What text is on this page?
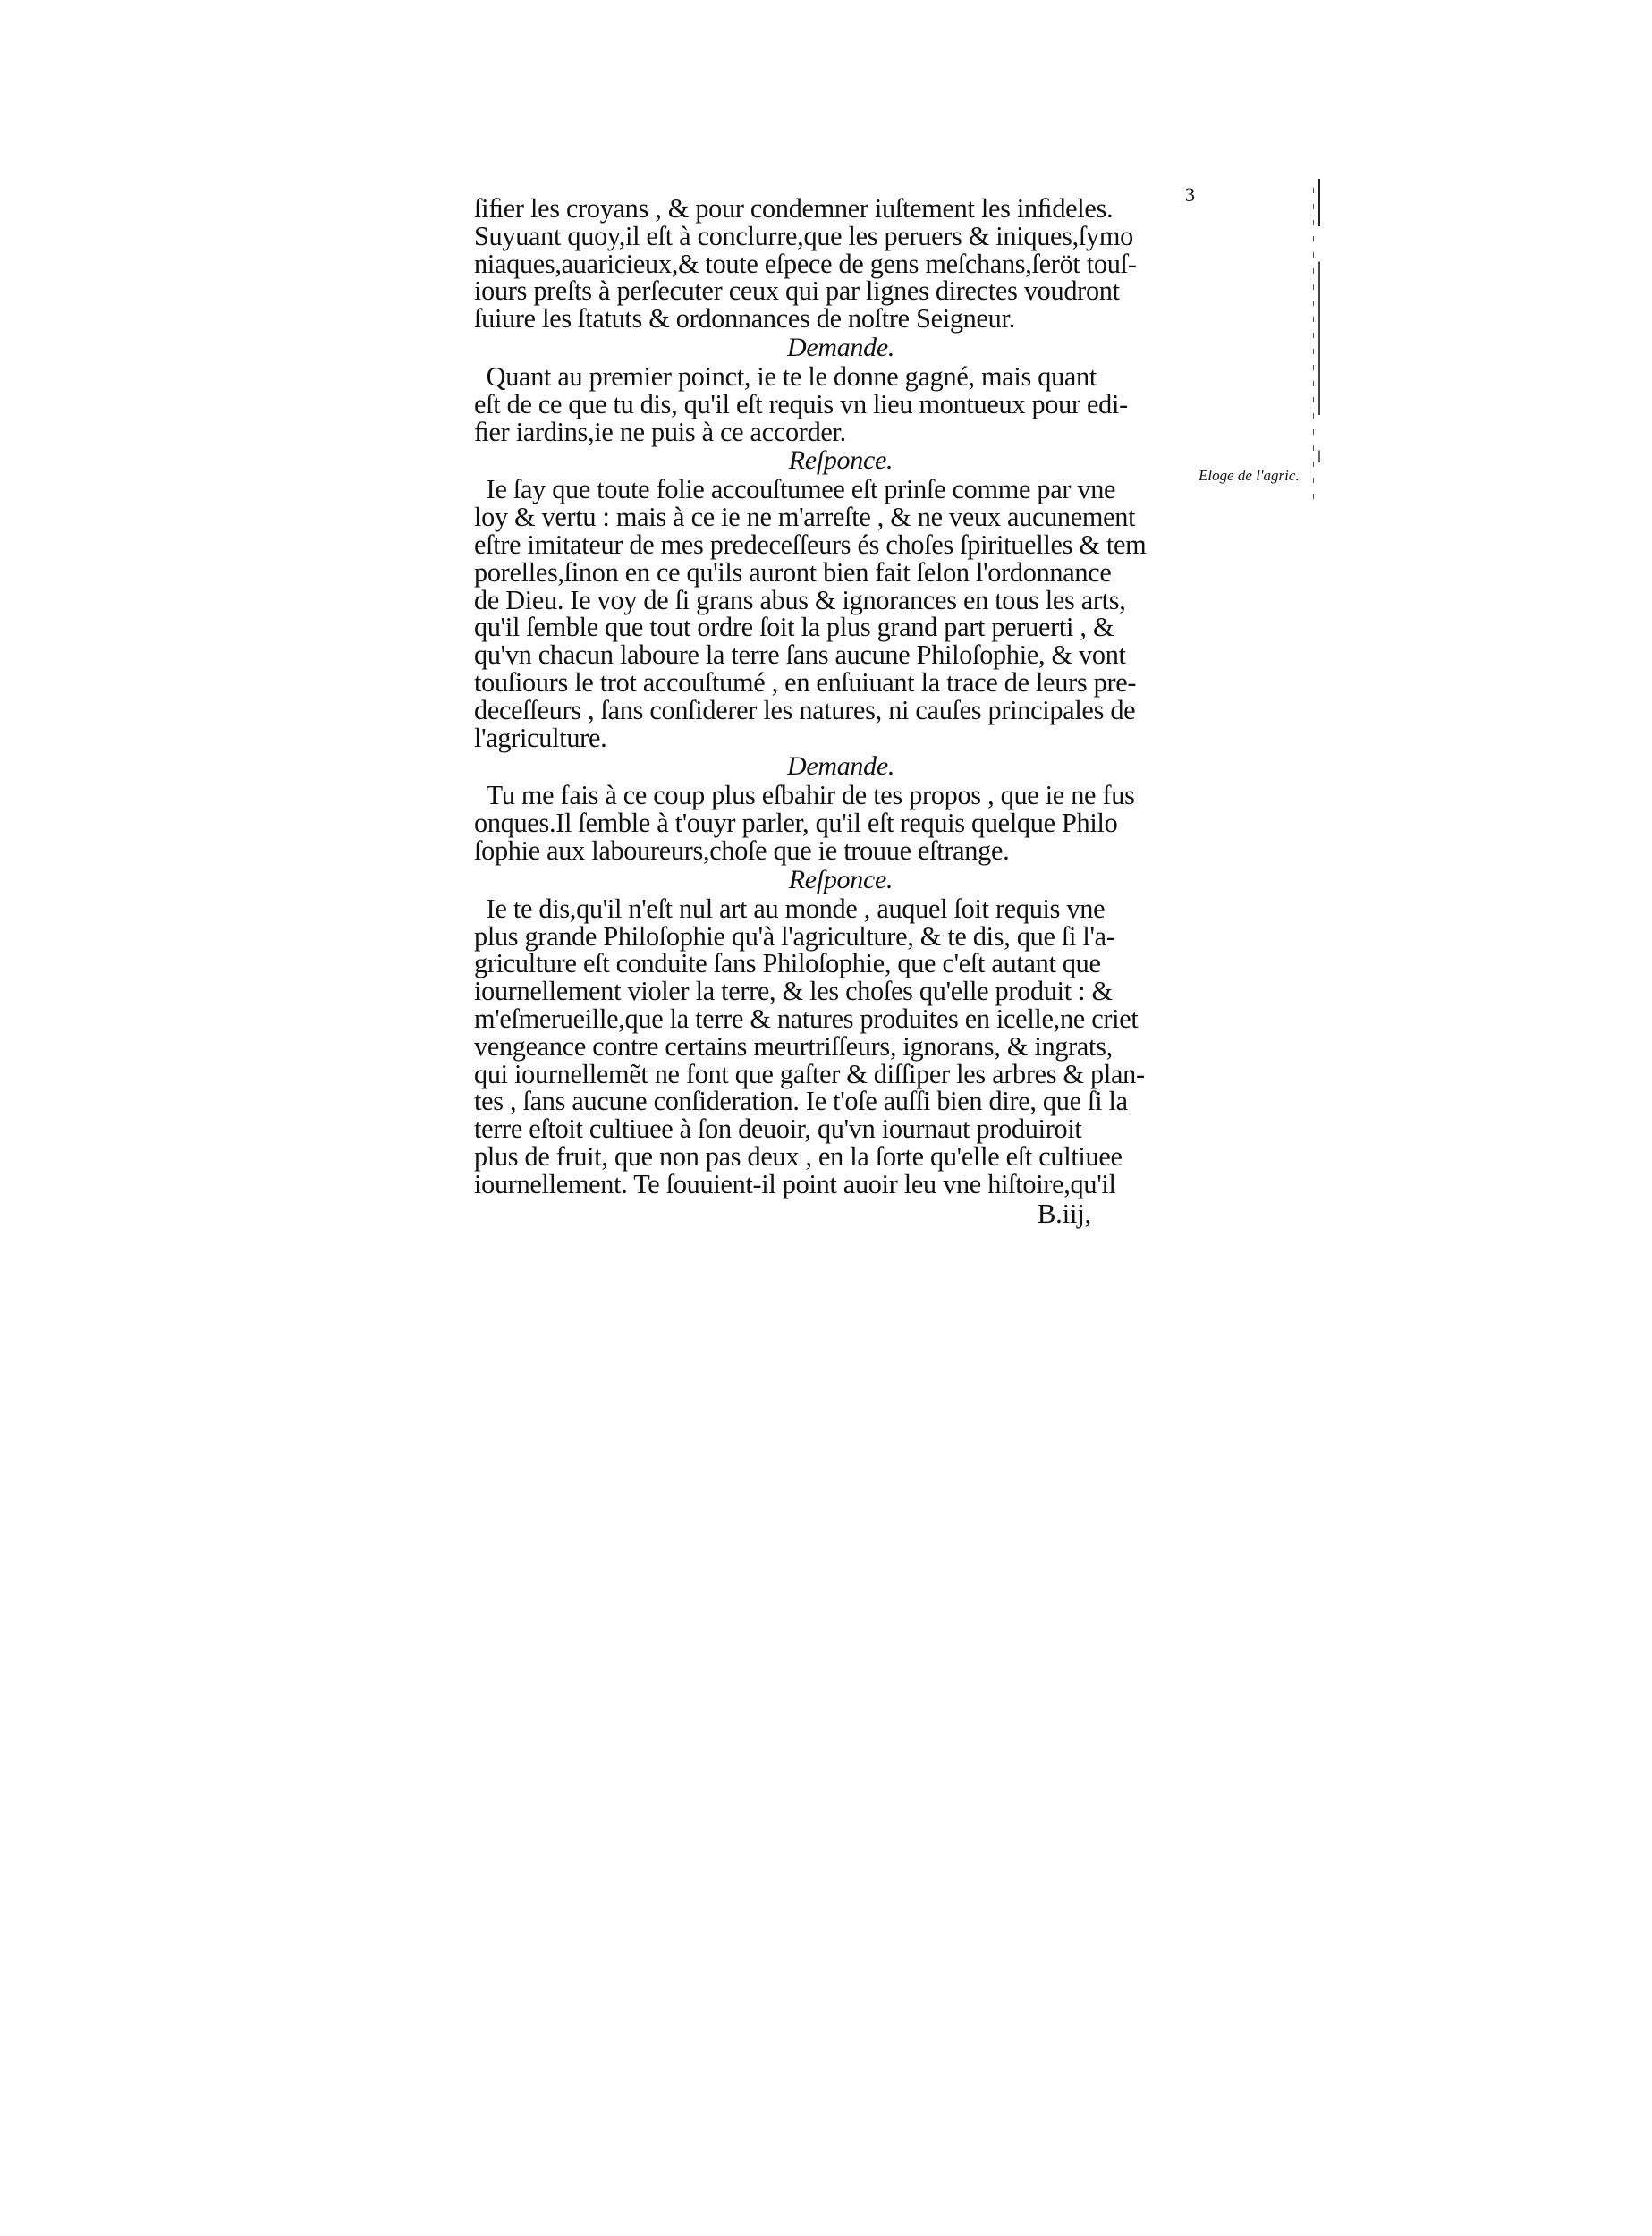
3
ſiﬁer les croyans , & pour condemner iuſtement les inﬁdeles.
Suyuant quoy,il eſt à conclurre,que les peruers & iniques,ſymo
niaques,auaricieux,& toute eſpece de gens meſchans,ſeröt touſ-
iours preſts à perſecuter ceux qui par lignes directes voudront
ſuiure les ſtatuts & ordonnances de noſtre Seigneur.
Demande.
Quant au premier poinct, ie te le donne gagné, mais quant
eſt de ce que tu dis, qu'il eſt requis vn lieu montueux pour edi-
ﬁer iardins,ie ne puis à ce accorder.
Reſponce.
Ie ſay que toute folie accouſtumee eſt prinſe comme par vne
loy & vertu : mais à ce ie ne m'arreſte , & ne veux aucunement
eſtre imitateur de mes predeceſſeurs és choſes ſpirituelles & tem
porelles,ſinon en ce qu'ils auront bien fait ſelon l'ordonnance
de Dieu. Ie voy de ſi grans abus & ignorances en tous les arts,
qu'il ſemble que tout ordre ſoit la plus grand part peruerti , &
qu'vn chacun laboure la terre ſans aucune Philoſophie, & vont
touſiours le trot accouſtumé , en enſuiuant la trace de leurs pre-
deceſſeurs , ſans conſiderer les natures, ni cauſes principales de
l'agriculture.
Demande.
Tu me fais à ce coup plus eſbahir de tes propos , que ie ne fus
onques.Il ſemble à t'ouyr parler, qu'il eſt requis quelque Philo
ſophie aux laboureurs,choſe que ie trouue eſtrange.
Reſponce.
Ie te dis,qu'il n'eſt nul art au monde , auquel ſoit requis vne
plus grande Philoſophie qu'à l'agriculture, & te dis, que ſi l'a-
griculture eſt conduite ſans Philoſophie, que c'eſt autant que
iournellement violer la terre, & les choſes qu'elle produit : &
m'eſmerueille,que la terre & natures produites en icelle,ne criet
vengeance contre certains meurtriſſeurs, ignorans, & ingrats,
qui iournellemẽt ne font que gaſter & diſſiper les arbres & plan-
tes , ſans aucune conſideration. Ie t'oſe auſſi bien dire, que ſi la
terre eſtoit cultiuee à ſon deuoir, qu'vn iournaut produiroit
plus de fruit, que non pas deux , en la ſorte qu'elle eſt cultiuee
iournellement. Te ſouuient-il point auoir leu vne hiſtoire,qu'il
B.iij,
Eloge de l'agric.
